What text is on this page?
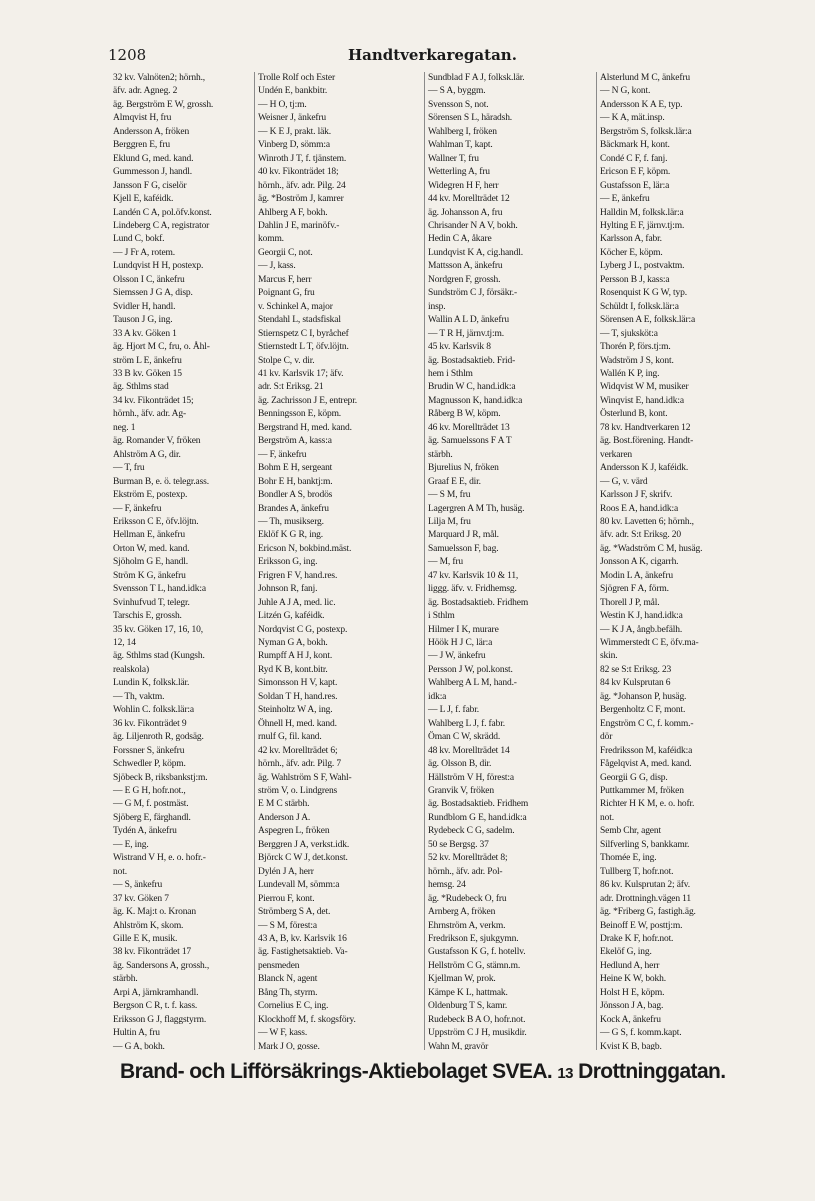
1208	Handtverkaregatan.
32 kv. Valnöten2; hörnh.,
äfv. adr. Agneg. 2
äg. Bergström E W, grossh.
Almqvist H, fru
Andersson A, fröken
Berggren E, fru
Eklund G, med. kand.
Gummesson J, handl.
Jansson F G, ciselör
Kjell E, kaféidk.
Landén C A, pol.öfv.konst.
Lindeberg C A, registrator
Lund C, bokf.
— J Fr A, rotem.
Lundqvist H H, postexp.
Olsson I C, änkefru
Siemssen J G A, disp.
Svidler H, handl.
Tauson J G, ing.
33 A kv. Göken 1
äg. Hjort M C, fru, o. Åhl-
ström L E, änkefru
33 B kv. Göken 15
äg. Sthlms stad
34 kv. Fikonträdet 15;
hörnh., äfv. adr. Ag-
neg. 1
äg. Romander V, fröken
Ahlström A G, dir.
— T, fru
Burman B, e. ö. telegr.ass.
Ekström E, postexp.
— F, änkefru
Eriksson C E, öfv.löjtn.
Hellman E, änkefru
Orton W, med. kand.
Sjöholm G E, handl.
Ström K G, änkefru
Svensson T L, hand.idk:a
Svinhufvud T, telegr.
Tarschis E, grossh.
35 kv. Göken 17, 16, 10,
12, 14
äg. Sthlms stad (Kungsh.
realskola)
Lundin K, folksk.lär.
— Th, vaktm.
Wohlin C. folksk.lär:a
36 kv. Fikonträdet 9
äg. Liljenroth R, godsäg.
Forssner S, änkefru
Schwedler P, köpm.
Sjöbeck B, riksbankstj:m.
— E G H, hofr.not.,
— G M, f. postmäst.
Sjöberg E, färghandl.
Tydén A, änkefru
— E, ing.
Wistrand V H, e. o. hofr.-
not.
— S, änkefru
37 kv. Göken 7
äg. K. Maj:t o. Kronan
Ahlström K, skom.
Gille E K, musik.
38 kv. Fikonträdet 17
äg. Sandersons A, grossh.,
stärbh.
Arpi A, järnkramhandl.
Bergson C R, t. f. kass.
Eriksson G J, flaggstyrm.
Hultin A, fru
— G A, bokh.
Trolle Rolf och Ester
Undén E, bankbitr.
— H O, tj:m.
Weisner J, änkefru
— K E J, prakt. läk.
Vinberg D, sömm:a
Winroth J T, f. tjänstem.
40 kv. Fikonträdet 18;
hörnh., äfv. adr. Pilg. 24
äg. *Boström J, kamrer
Ahlberg A F, bokh.
Dahlin J E, marinöfv.-
komm.
Georgii C, not.
— J, kass.
Marcus F, herr
Poignant G, fru
v. Schinkel A, major
Stendahl L, stadsfiskal
Stiernspetz C I, byråchef
Stiernstedt L T, öfv.löjtn.
Stolpe C, v. dir.
41 kv. Karlsvik 17; äfv.
adr. S:t Eriksg. 21
äg. Zachrisson J E, entrepr.
Benningsson E, köpm.
Bergstrand H, med. kand.
Bergström A, kass:a
— F, änkefru
Bohm E H, sergeant
Bohr E H, banktj:m.
Bondler A S, brodös
Brandes A, änkefru
— Th, musikserg.
Eklöf K G R, ing.
Ericson N, bokbind.mäst.
Eriksson G, ing.
Frigren F V, hand.res.
Johnson R, fanj.
Juhle A J A, med. lic.
Litzén G, kaféidk.
Nordqvist C G, postexp.
Nyman G A, bokh.
Rumpff A H J, kont.
Ryd K B, kont.bitr.
Simonsson H V, kapt.
Soldan T H, hand.res.
Steinholtz W A, ing.
Öhnell H, med. kand.
rnulf G, fil. kand.
42 kv. Morellträdet 6;
hörnh., äfv. adr. Pilg. 7
äg. Wahlström S F, Wahl-
ström V, o. Lindgrens
E M C stärbh.
Anderson J A.
Aspegren L, fröken
Berggren J A, verkst.idk.
Björck C W J, det.konst.
Dylén J A, herr
Lundevall M, sömm:a
Pierrou F, kont.
Strömberg S A, det.
— S M, förest:a
43 A, B, kv. Karlsvik 16
äg. Fastighetsaktieb. Va-
pensmeden
Blanck N, agent
Bång Th, styrm.
Cornelius E C, ing.
Klockhoff M, f. skogsföry.
— W F, kass.
Mark J O, gosse.
Sundblad F A J, folksk.lär.
— S A, byggm.
Svensson S, not.
Sörensen S L, häradsh.
Wahlberg I, fröken
Wahlman T, kapt.
Wallner T, fru
Wetterling A, fru
Widegren H F, herr
44 kv. Morellträdet 12
äg. Johansson A, fru
Chrisander N A V, bokh.
Hedin C A, åkare
Lundqvist K A, cig.handl.
Mattsson A, änkefru
Nordgren F, grossh.
Sundström C J, försäkr.-
insp.
Wallin A L D, änkefru
— T R H, järnv.tj:m.
45 kv. Karlsvik 8
äg. Bostadsaktieb. Frid-
hem i Sthlm
Brudin W C, hand.idk:a
Magnusson K, hand.idk:a
Råberg B W, köpm.
46 kv. Morellträdet 13
äg. Samuelssons F A T
stärbh.
Bjurelius N, fröken
Graaf E E, dir.
— S M, fru
Lagergren A M Th, husäg.
Lilja M, fru
Marquard J R, mål.
Samuelsson F, bag.
— M, fru
47 kv. Karlsvik 10 & 11,
liggg. äfv. v. Fridhemsg.
äg. Bostadsaktieb. Fridhem
i Sthlm
Hilmer I K, murare
Höök H J C, lär:a
— J W, änkefru
Persson J W, pol.konst.
Wahlberg A L M, hand.-
idk:a
— L J, f. fabr.
Wahlberg L J, f. fabr.
Öman C W, skrädd.
48 kv. Morellträdet 14
äg. Olsson B, dir.
Hällström V H, förest:a
Granvik V, fröken
äg. Bostadsaktieb. Fridhem
Rundblom G E, hand.idk:a
Rydebeck C G, sadelm.
50 se Bergsg. 37
52 kv. Morellträdet 8;
hörnh., äfv. adr. Pol-
hemsg. 24
äg. *Rudebeck O, fru
Arnberg A, fröken
Ehrnström A, verkm.
Fredrikson E, sjukgymn.
Gustafsson K G, f. hotellv.
Hellström C G, stämn.m.
Kjellman W, prok.
Kämpe K L, hattmak.
Oldenburg T S, kamr.
Rudebeck B A O, hofr.not.
Uppström C J H, musikdir.
Wahn M, gravör
Alsterlund M C, änkefru
— N G, kont.
Andersson K A E, typ.
— K A, mät.insp.
Bergström S, folksk.lär:a
Bäckmark H, kont.
Condé C F, f. fanj.
Ericson E F, köpm.
Gustafsson E, lär:a
— E, änkefru
Halldin M, folksk.lär:a
Hylting E F, järnv.tj:m.
Karlsson A, fabr.
Köcher E, köpm.
Lyberg J L, postvaktm.
Persson B J, kass:a
Rosenquist K G W, typ.
Schüldt I, folksk.lär:a
Sörensen A E, folksk.lär:a
— T, sjuksköt:a
Thorén P, förs.tj:m.
Wadström J S, kont.
Wallén K P, ing.
Widqvist W M, musiker
Winqvist E, hand.idk:a
Österlund B, kont.
78 kv. Handtverkaren 12
äg. Bost.förening. Handt-
verkaren
Andersson K J, kaféidk.
— G, v. värd
Karlsson J F, skrifv.
Roos E A, hand.idk:a
80 kv. Lavetten 6; hörnh.,
äfv. adr. S:t Eriksg. 20
äg. *Wadström C M, husäg.
Jonsson A K, cigarrh.
Modin L A, änkefru
Sjögren F A, förm.
Thorell J P, mål.
Westin K J, hand.idk:a
— K J A, ångb.befälh.
Wimmerstedt C E, öfv.ma-
skin.
82 se S:t Eriksg. 23
84 kv Kulsprutan 6
äg. *Johanson P, husäg.
Bergenholtz C F, mont.
Engström C C, f. komm.-
dör
Fredriksson M, kaféidk:a
Fågelqvist A, med. kand.
Georgii G G, disp.
Puttkammer M, fröken
Richter H K M, e. o. hofr.
not.
Semb Chr, agent
Silfverling S, bankkamr.
Thomée E, ing.
Tullberg T, hofr.not.
86 kv. Kulsprutan 2; äfv.
adr. Drottningh.vägen 11
äg. *Friberg G, fastigh.äg.
Beinoff E W, posttj:m.
Drake K F, hofr.not.
Ekelöf G, ing.
Hedlund A, herr
Heine K W, bokh.
Holst H E, köpm.
Jönsson J A, bag.
Kock A, änkefru
— G S, f. komm.kapt.
Kvist K B, bagb.
Brand- och Lifförsäkrings-Aktiebolaget SVEA. 13 Drottninggatan.
